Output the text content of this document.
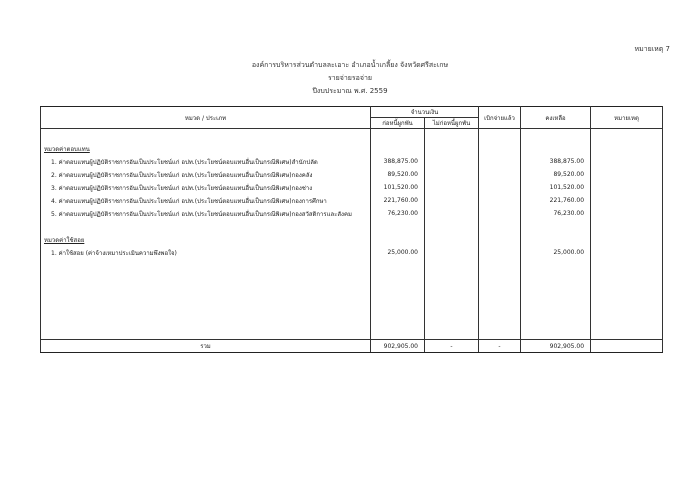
หมายเหตุ 7
องค์การบริหารส่วนตำบลละเอาะ อำเภอน้ำเกลี้ยง จังหวัดศรีสะเกษ
รายจ่ายรอจ่าย
ปีงบประมาณ พ.ศ. 2559
หมวด / ประเภท	จำนวนเงิน		เบิกจ่ายแล้ว	คงเหลือ	หมายเหตุ
	ก่อหนี้ผูกพัน	ไม่ก่อหนี้ผูกพัน			

หมวดค่าตอบแทน					
1. ค่าตอบแทนผู้ปฏิบัติราชการอันเป็นประโยชน์แก่ อปท.(ประโยชน์ตอบแทนอื่นเป็นกรณีพิเศษ)สำนักปลัด	388,875.00			388,875.00	
2. ค่าตอบแทนผู้ปฏิบัติราชการอันเป็นประโยชน์แก่ อปท.(ประโยชน์ตอบแทนอื่นเป็นกรณีพิเศษ)กองคลัง	89,520.00			89,520.00	
3. ค่าตอบแทนผู้ปฏิบัติราชการอันเป็นประโยชน์แก่ อปท.(ประโยชน์ตอบแทนอื่นเป็นกรณีพิเศษ)กองช่าง	101,520.00			101,520.00	
4. ค่าตอบแทนผู้ปฏิบัติราชการอันเป็นประโยชน์แก่ อปท.(ประโยชน์ตอบแทนอื่นเป็นกรณีพิเศษ)กองการศึกษา	221,760.00			221,760.00	
5. ค่าตอบแทนผู้ปฏิบัติราชการอันเป็นประโยชน์แก่ อปท.(ประโยชน์ตอบแทนอื่นเป็นกรณีพิเศษ)กองสวัสดิการและสังคม	76,230.00			76,230.00	

หมวดค่าใช้สอย					
1. ค่าใช้สอย (ค่าจ้างเหมาประเมินความพึงพอใจ)	25,000.00			25,000.00	

รวม	902,905.00	-	-	902,905.00	
